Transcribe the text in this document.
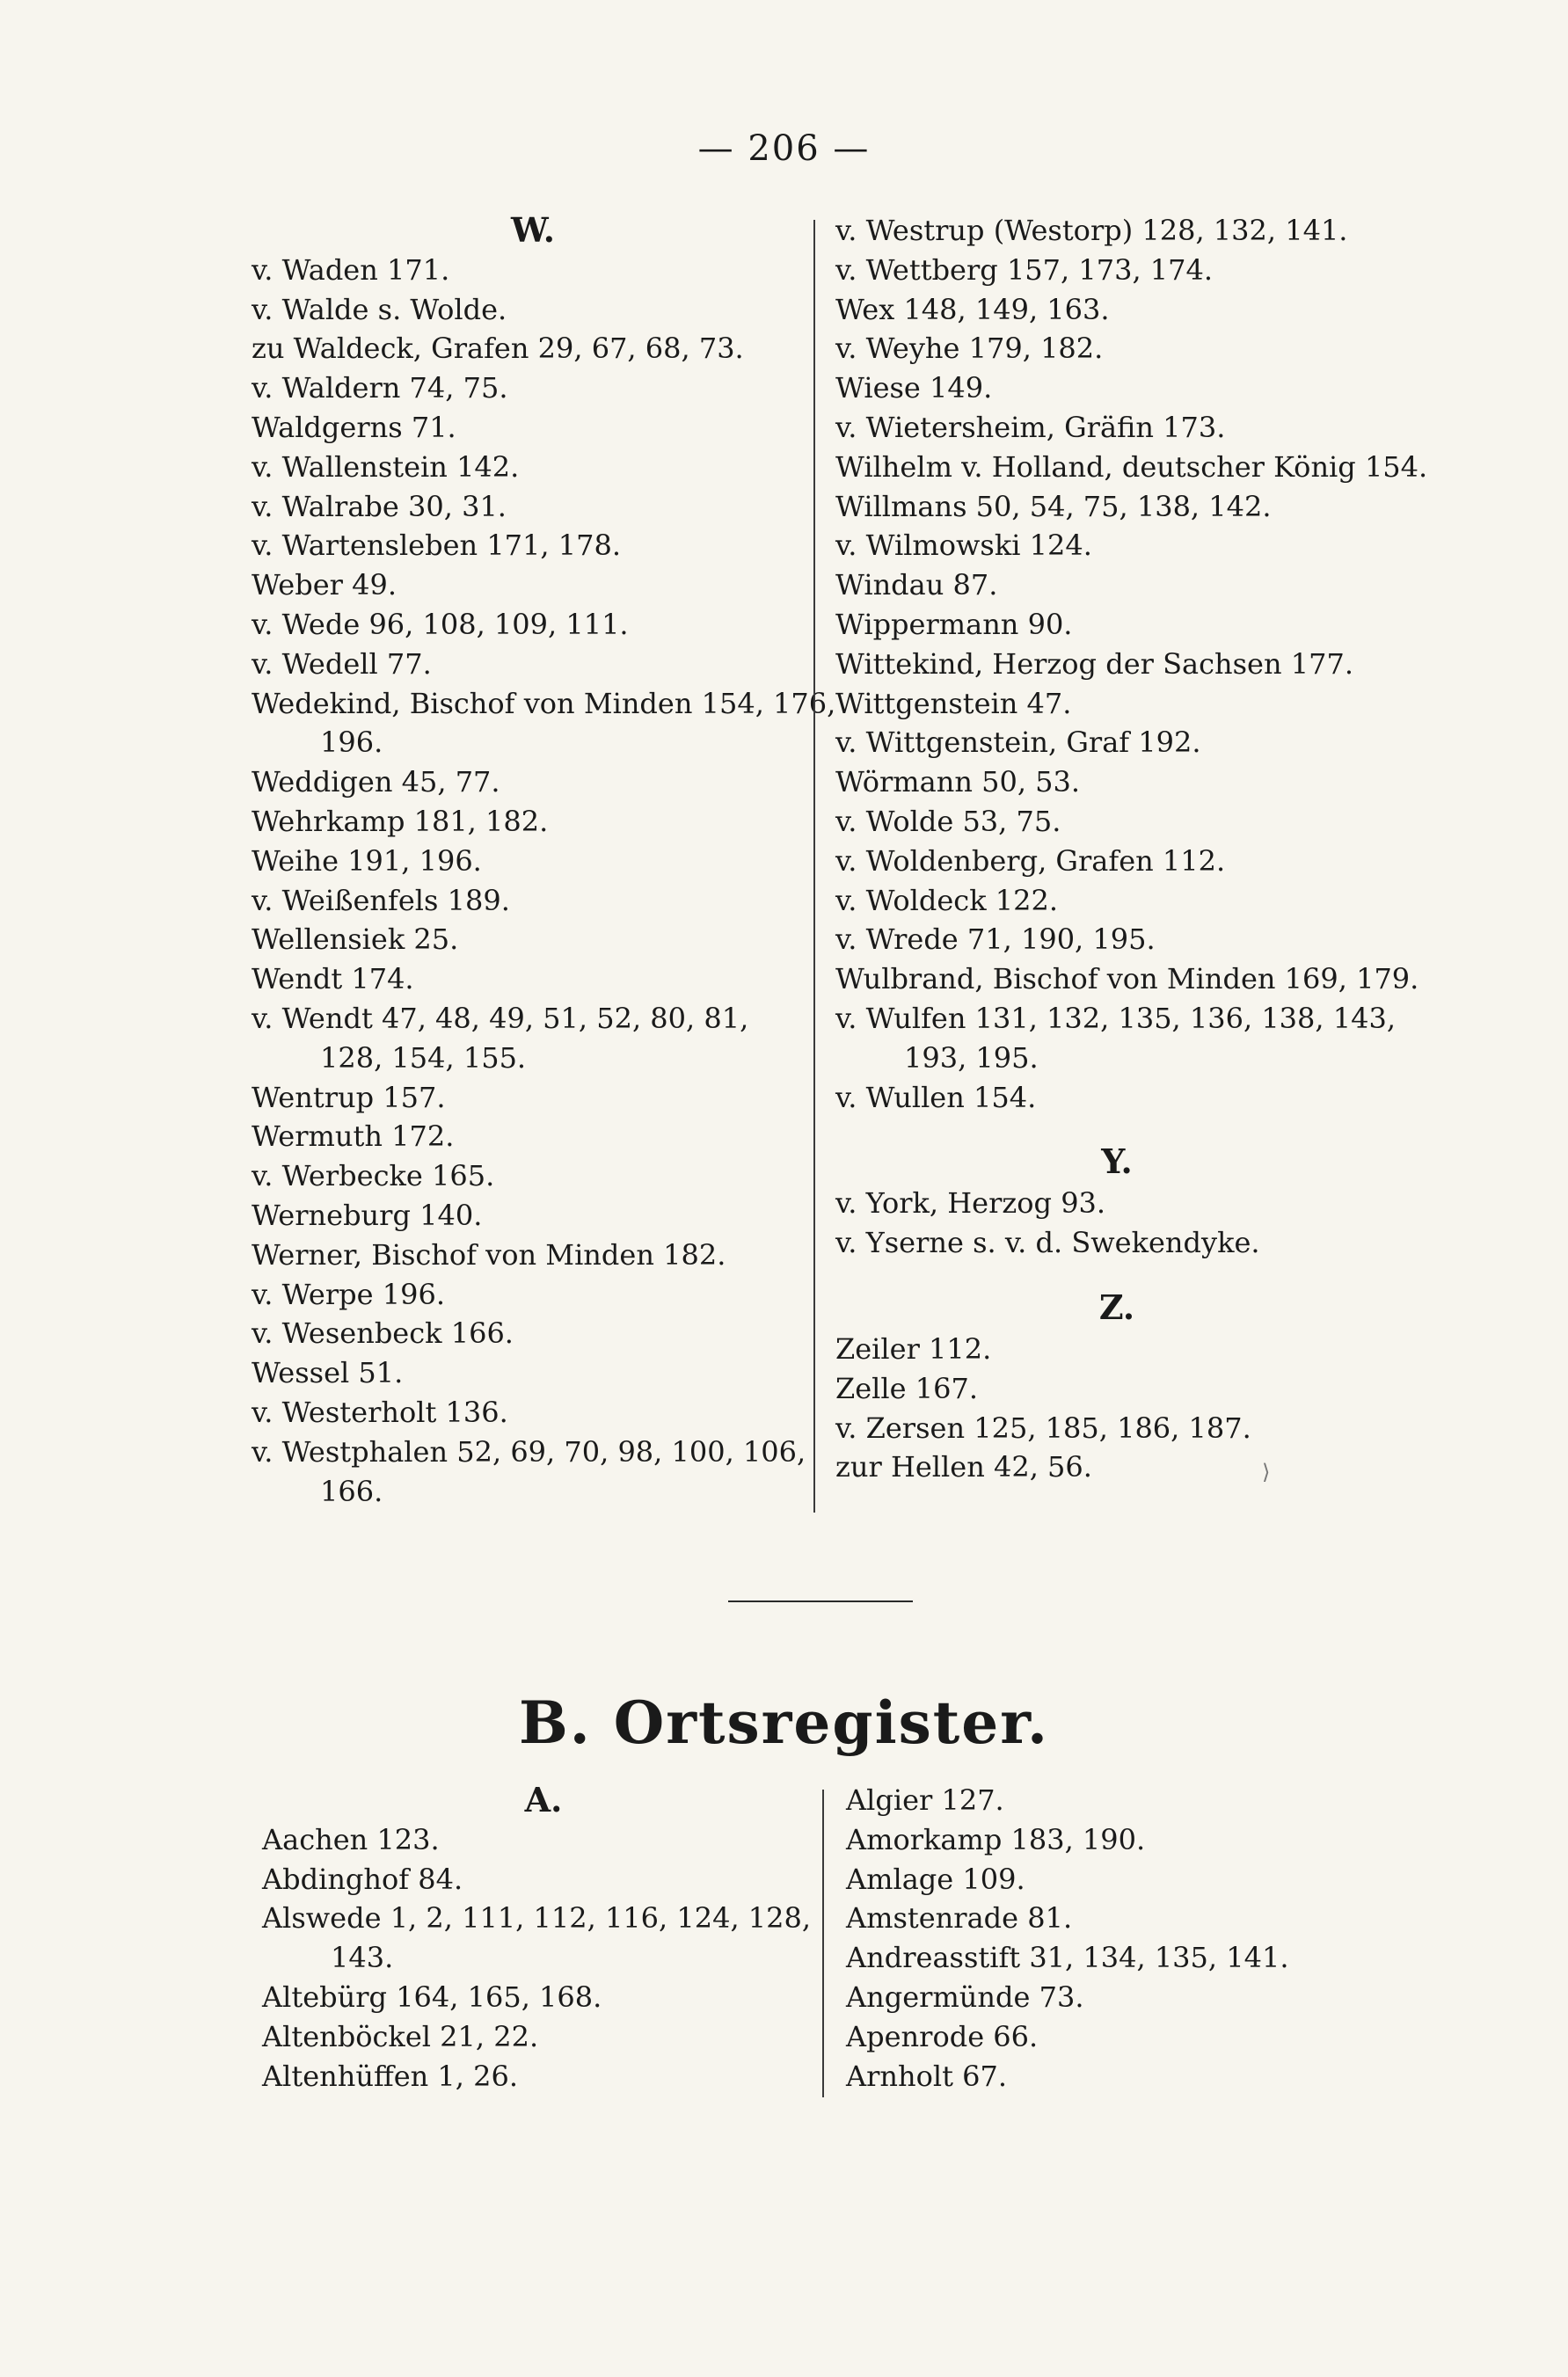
— 206 —
W.
v. Waden 171.
v. Walde s. Wolde.
zu Waldeck, Grafen 29, 67, 68, 73.
v. Waldern 74, 75.
Waldgerns 71.
v. Wallenstein 142.
v. Walrabe 30, 31.
v. Wartensleben 171, 178.
Weber 49.
v. Wede 96, 108, 109, 111.
v. Wedell 77.
Wedekind, Bischof von Minden 154, 176,
196.
Weddigen 45, 77.
Wehrkamp 181, 182.
Weihe 191, 196.
v. Weißenfels 189.
Wellensiek 25.
Wendt 174.
v. Wendt 47, 48, 49, 51, 52, 80, 81,
128, 154, 155.
Wentrup 157.
Wermuth 172.
v. Werbecke 165.
Werneburg 140.
Werner, Bischof von Minden 182.
v. Werpe 196.
v. Wesenbeck 166.
Wessel 51.
v. Westerholt 136.
v. Westphalen 52, 69, 70, 98, 100, 106,
166.
v. Westrup (Westorp) 128, 132, 141.
v. Wettberg 157, 173, 174.
Wex 148, 149, 163.
v. Weyhe 179, 182.
Wiese 149.
v. Wietersheim, Gräfin 173.
Wilhelm v. Holland, deutscher König 154.
Willmans 50, 54, 75, 138, 142.
v. Wilmowski 124.
Windau 87.
Wippermann 90.
Wittekind, Herzog der Sachsen 177.
Wittgenstein 47.
v. Wittgenstein, Graf 192.
Wörmann 50, 53.
v. Wolde 53, 75.
v. Woldenberg, Grafen 112.
v. Woldeck 122.
v. Wrede 71, 190, 195.
Wulbrand, Bischof von Minden 169, 179.
v. Wulfen 131, 132, 135, 136, 138, 143,
193, 195.
v. Wullen 154.
Y.
v. York, Herzog 93.
v. Yserne s. v. d. Swekendyke.
Z.
Zeiler 112.
Zelle 167.
v. Zersen 125, 185, 186, 187.
zur Hellen 42, 56.	⟩
B. Ortsregister.
A.
Aachen 123.
Abdinghof 84.
Alswede 1, 2, 111, 112, 116, 124, 128,
143.
Altebürg 164, 165, 168.
Altenböckel 21, 22.
Altenhüffen 1, 26.
Algier 127.
Amorkamp 183, 190.
Amlage 109.
Amstenrade 81.
Andreasstift 31, 134, 135, 141.
Angermünde 73.
Apenrode 66.
Arnholt 67.
